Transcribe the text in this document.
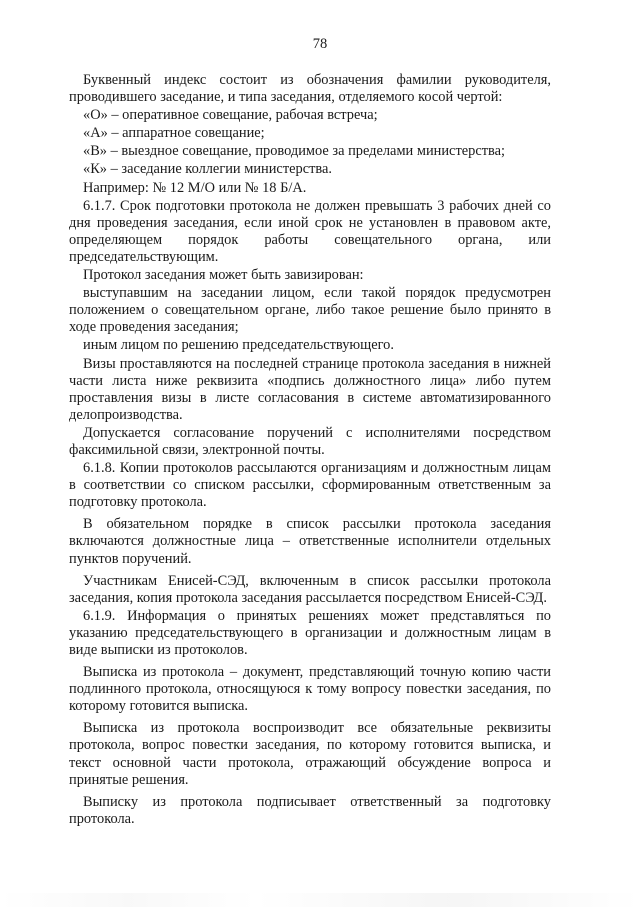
78

Буквенный индекс состоит из обозначения фамилии руководителя, проводившего заседание, и типа заседания, отделяемого косой чертой:

«О» – оперативное совещание, рабочая встреча;

«А» – аппаратное совещание;

«В» – выездное совещание, проводимое за пределами министерства;

«К» – заседание коллегии министерства.

Например: № 12 М/О или № 18 Б/А.

6.1.7. Срок подготовки протокола не должен превышать 3 рабочих дней со дня проведения заседания, если иной срок не установлен в правовом акте, определяющем порядок работы совещательного органа, или председательствующим.

Протокол заседания может быть завизирован:

выступавшим на заседании лицом, если такой порядок предусмотрен положением о совещательном органе, либо такое решение было принято в ходе проведения заседания;

иным лицом по решению председательствующего.

Визы проставляются на последней странице протокола заседания в нижней части листа ниже реквизита «подпись должностного лица» либо путем проставления визы в листе согласования в системе автоматизированного делопроизводства.

Допускается согласование поручений с исполнителями посредством факсимильной связи, электронной почты.

6.1.8. Копии протоколов рассылаются организациям и должностным лицам в соответствии со списком рассылки, сформированным ответственным за подготовку протокола.

В обязательном порядке в список рассылки протокола заседания включаются должностные лица – ответственные исполнители отдельных пунктов поручений.

Участникам Енисей-СЭД, включенным в список рассылки протокола заседания, копия протокола заседания рассылается посредством Енисей-СЭД.

6.1.9. Информация о принятых решениях может представляться по указанию председательствующего в организации и должностным лицам в виде выписки из протоколов.

Выписка из протокола – документ, представляющий точную копию части подлинного протокола, относящуюся к тому вопросу повестки заседания, по которому готовится выписка.

Выписка из протокола воспроизводит все обязательные реквизиты протокола, вопрос повестки заседания, по которому готовится выписка, и текст основной части протокола, отражающий обсуждение вопроса и принятые решения.

Выписку из протокола подписывает ответственный за подготовку протокола.
